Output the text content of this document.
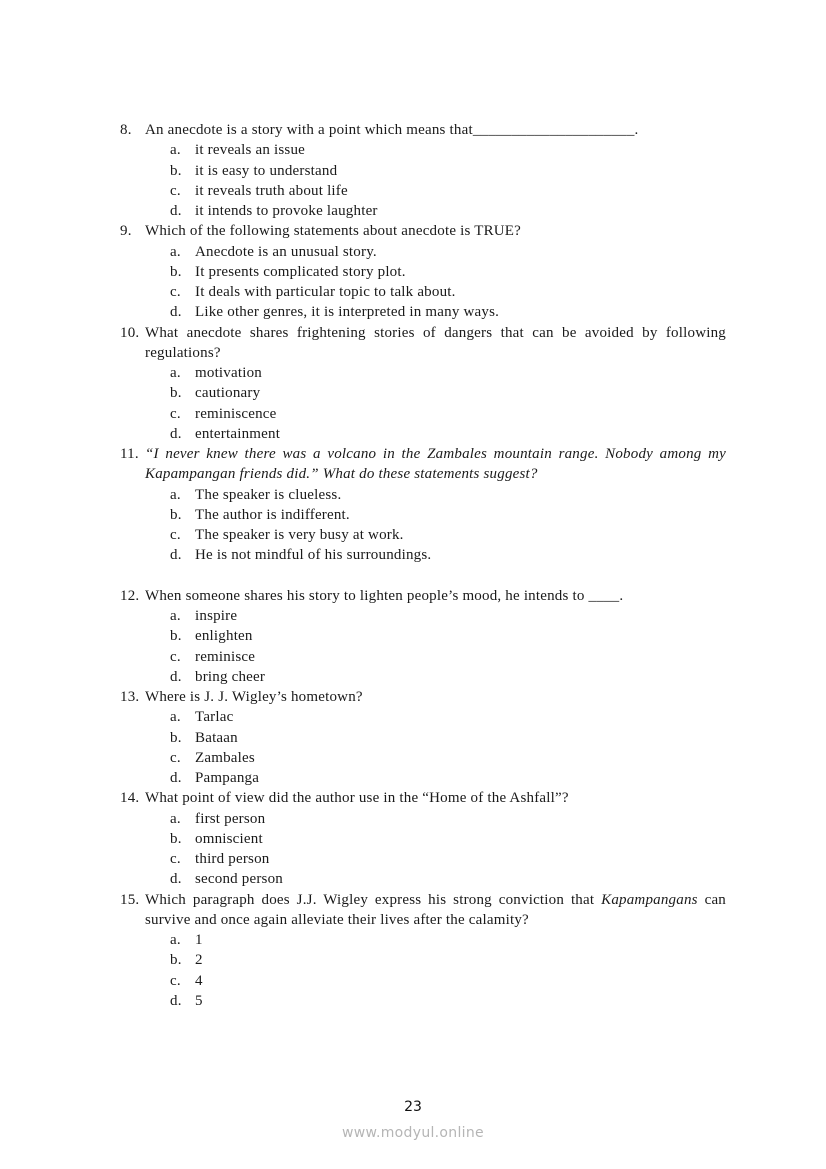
8. An anecdote is a story with a point which means that_____________________.
a. it reveals an issue
b. it is easy to understand
c. it reveals truth about life
d. it intends to provoke laughter
9. Which of the following statements about anecdote is TRUE?
a. Anecdote is an unusual story.
b. It presents complicated story plot.
c. It deals with particular topic to talk about.
d. Like other genres, it is interpreted in many ways.
10. What anecdote shares frightening stories of dangers that can be avoided by following regulations?
a. motivation
b. cautionary
c. reminiscence
d. entertainment
11. “I never knew there was a volcano in the Zambales mountain range. Nobody among my Kapampangan friends did.” What do these statements suggest?
a. The speaker is clueless.
b. The author is indifferent.
c. The speaker is very busy at work.
d. He is not mindful of his surroundings.
12. When someone shares his story to lighten people’s mood, he intends to ____.
a. inspire
b. enlighten
c. reminisce
d. bring cheer
13. Where is J. J. Wigley’s hometown?
a. Tarlac
b. Bataan
c. Zambales
d. Pampanga
14. What point of view did the author use in the “Home of the Ashfall”?
a. first person
b. omniscient
c. third person
d. second person
15. Which paragraph does J.J. Wigley express his strong conviction that Kapampangans can survive and once again alleviate their lives after the calamity?
a. 1
b. 2
c. 4
d. 5
23
www.modyul.online
